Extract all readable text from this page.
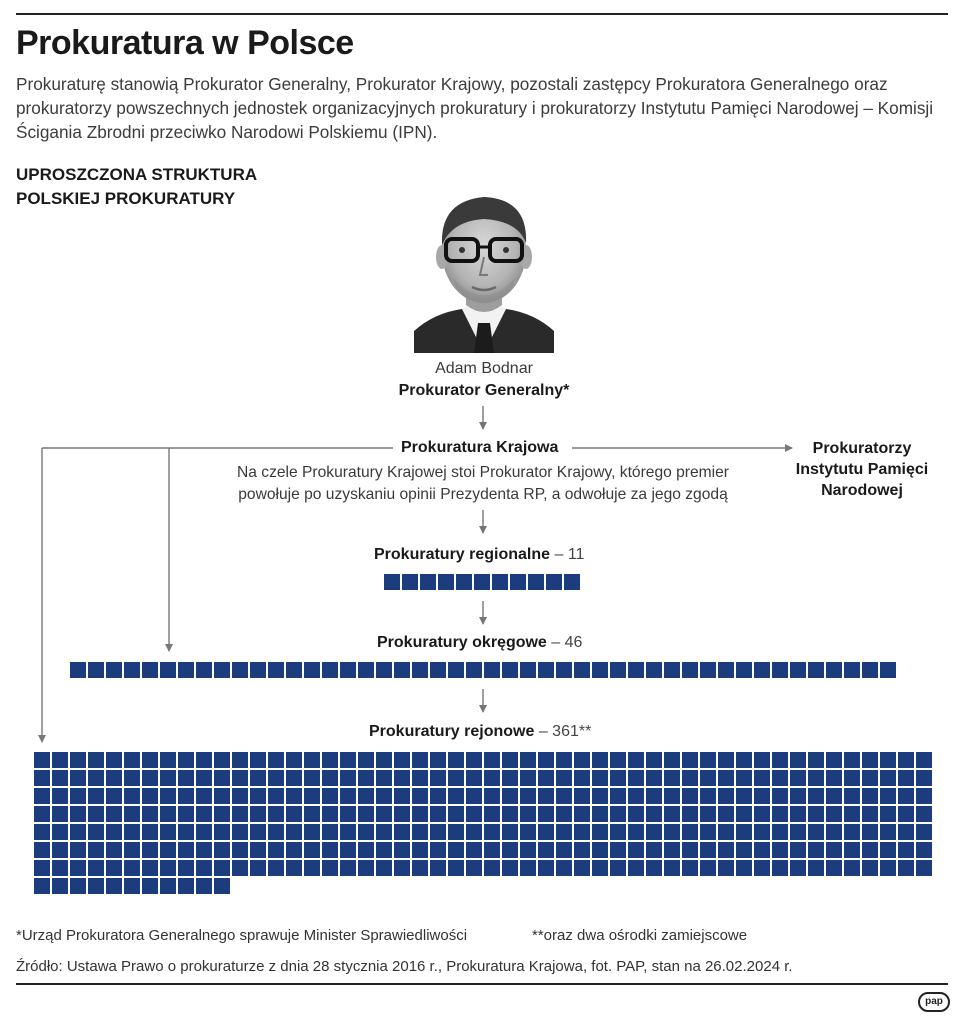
Prokuratura w Polsce
Prokuraturę stanowią Prokurator Generalny, Prokurator Krajowy, pozostali zastępcy Prokuratora Generalnego oraz prokuratorzy powszechnych jednostek organizacyjnych prokuratury i prokuratorzy Instytutu Pamięci Narodowej – Komisji Ścigania Zbrodni przeciwko Narodowi Polskiemu (IPN).
UPROSZCZONA STRUKTURA
POLSKIEJ PROKURATURY
Adam Bodnar
Prokurator Generalny*
Prokuratura Krajowa
Na czele Prokuratury Krajowej stoi Prokurator Krajowy, którego premier
powołuje po uzyskaniu opinii Prezydenta RP, a odwołuje za jego zgodą
Prokuratorzy
Instytutu Pamięci
Narodowej
Prokuratury regionalne – 11
Prokuratury okręgowe – 46
Prokuratury rejonowe – 361**
*Urząd Prokuratora Generalnego sprawuje Minister Sprawiedliwości	**oraz dwa ośrodki zamiejscowe
Źródło: Ustawa Prawo o prokuraturze z dnia 28 stycznia 2016 r., Prokuratura Krajowa, fot. PAP, stan na 26.02.2024 r.
pap
